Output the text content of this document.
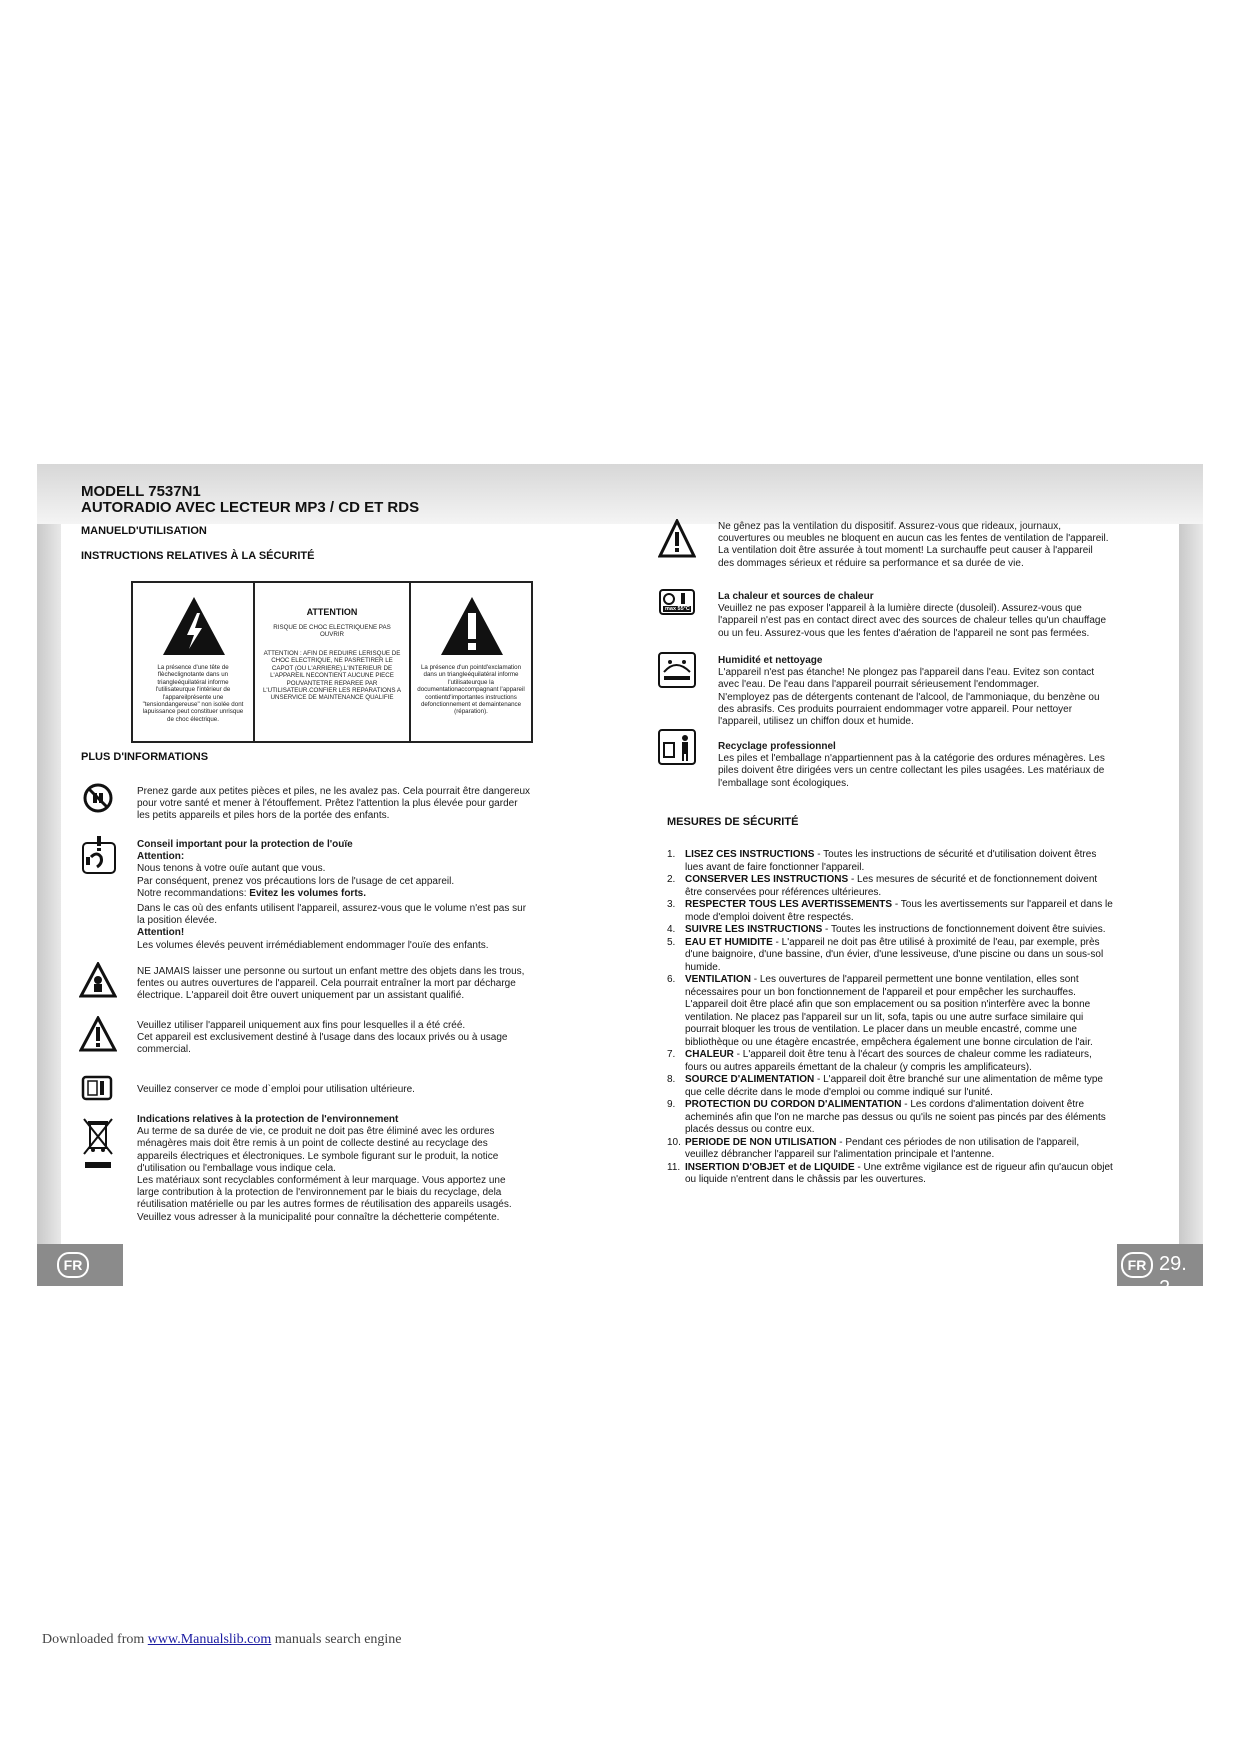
MODELL 7537N1
AUTORADIO AVEC LECTEUR MP3 / CD ET RDS
MANUELD'UTILISATION
INSTRUCTIONS RELATIVES À LA SÉCURITÉ
La présence d'une tête de flècheclignotante dans un triangleéquilatéral informe l'utilisateurque l'intérieur de l'appareilprésente une "tensiondangereuse" non isolée dont lapuissance peut constituer unrisque de choc électrique.
ATTENTION
RISQUE DE CHOC ELECTRIQUENE PAS OUVRIR
ATTENTION : AFIN DE REDUIRE LERISQUE DE CHOC ELECTRIQUE, NE PASRETIRER LE CAPOT (OU L'ARRIERE).L'INTERIEUR DE L'APPAREIL NECONTIENT AUCUNE PIECE POUVANTETRE REPAREE PAR L'UTILISATEUR.CONFIER LES REPARATIONS A UNSERVICE DE MAINTENANCE QUALIFIE
La présence d'un pointd'exclamation dans un triangleéquilatéral informe l'utilisateurque la documentationaccompagnant l'appareil contientd'importantes instructions defonctionnement et demaintenance (réparation).
PLUS D'INFORMATIONS
Prenez garde aux petites pièces et piles, ne les avalez pas. Cela pourrait être dangereux
pour votre santé et mener à l'étouffement. Prêtez l'attention la plus élevée pour garder
les petits appareils et piles hors de la portée des enfants.
Conseil important pour la protection de l'ouïe
Attention:
Nous tenons à votre ouïe autant que vous.
Par conséquent, prenez vos précautions lors de l'usage de cet appareil.
Notre recommandations: Evitez les volumes forts.
Dans le cas où des enfants utilisent l'appareil, assurez-vous que le volume n'est pas sur
la position élevée.
Attention!
Les volumes élevés peuvent irrémédiablement endommager l'ouïe des enfants.
NE JAMAIS laisser une personne ou surtout un enfant mettre des objets dans les trous,
fentes ou autres ouvertures de l'appareil. Cela pourrait entraîner la mort par décharge
électrique. L'appareil doit être ouvert uniquement par un assistant qualifié.
Veuillez utiliser l'appareil uniquement aux fins pour lesquelles il a été créé.
Cet appareil est exclusivement destiné à l'usage dans des locaux privés ou à usage
commercial.
Veuillez conserver ce mode d`emploi pour utilisation ultérieure.
Indications relatives à la protection de l'environnement
Au terme de sa durée de vie, ce produit ne doit pas être éliminé avec les ordures
ménagères mais doit être remis à un point de collecte destiné au recyclage des
appareils électriques et électroniques. Le symbole figurant sur le produit, la notice
d'utilisation ou l'emballage vous indique cela.
Les matériaux sont recyclables conformément à leur marquage. Vous apportez une
large contribution à la protection de l'environnement par le biais du recyclage, dela
réutilisation matérielle ou par les autres formes de réutilisation des appareils usagés.
Veuillez vous adresser à la municipalité pour connaître la déchetterie compétente.
max 55°C
Ne gênez pas la ventilation du dispositif. Assurez-vous que rideaux, journaux,
couvertures ou meubles ne bloquent en aucun cas les fentes de ventilation de l'appareil.
La ventilation doit être assurée à tout moment! La surchauffe peut causer à l'appareil
des dommages sérieux et réduire sa performance et sa durée de vie.
La chaleur et sources de chaleur
Veuillez ne pas exposer l'appareil à la lumière directe (dusoleil). Assurez-vous que
l'appareil n'est pas en contact direct avec des sources de chaleur telles qu'un chauffage
ou un feu. Assurez-vous que les fentes d'aération de l'appareil ne sont pas fermées.
Humidité et nettoyage
L'appareil n'est pas étanche! Ne plongez pas l'appareil dans l'eau. Evitez son contact
avec l'eau. De l'eau dans l'appareil pourrait sérieusement l'endommager.
N'employez pas de détergents contenant de l'alcool, de l'ammoniaque, du benzène ou
des abrasifs. Ces produits pourraient endommager votre appareil. Pour nettoyer
l'appareil, utilisez un chiffon doux et humide.
Recyclage professionnel
Les piles et l'emballage n'appartiennent pas à la catégorie des ordures ménagères. Les
piles doivent être dirigées vers un centre collectant les piles usagées. Les matériaux de
l'emballage sont écologiques.
MESURES DE SÉCURITÉ
1. LISEZ CES INSTRUCTIONS - Toutes les instructions de sécurité et d'utilisation doivent êtres
lues avant de faire fonctionner l'appareil.
2. CONSERVER LES INSTRUCTIONS - Les mesures de sécurité et de fonctionnement doivent
être conservées pour références ultérieures.
3. RESPECTER TOUS LES AVERTISSEMENTS - Tous les avertissements sur l'appareil et dans le
mode d'emploi doivent être respectés.
4. SUIVRE LES INSTRUCTIONS - Toutes les instructions de fonctionnement doivent être suivies.
5. EAU ET HUMIDITE - L'appareil ne doit pas être utilisé à proximité de l'eau, par exemple, près
d'une baignoire, d'une bassine, d'un évier, d'une lessiveuse, d'une piscine ou dans un sous-sol
humide.
6. VENTILATION - Les ouvertures de l'appareil permettent une bonne ventilation, elles sont
nécessaires pour un bon fonctionnement de l'appareil et pour empêcher les surchauffes.
L'appareil doit être placé afin que son emplacement ou sa position n'interfère avec la bonne
ventilation. Ne placez pas l'appareil sur un lit, sofa, tapis ou une autre surface similaire qui
pourrait bloquer les trous de ventilation. Le placer dans un meuble encastré, comme une
bibliothèque ou une étagère encastrée, empêchera également une bonne circulation de l'air.
7. CHALEUR - L'appareil doit être tenu à l'écart des sources de chaleur comme les radiateurs,
fours ou autres appareils émettant de la chaleur (y compris les amplificateurs).
8. SOURCE D'ALIMENTATION - L'appareil doit être branché sur une alimentation de même type
que celle décrite dans le mode d'emploi ou comme indiqué sur l'unité.
9. PROTECTION DU CORDON D'ALIMENTATION - Les cordons d'alimentation doivent être
acheminés afin que l'on ne marche pas dessus ou qu'ils ne soient pas pincés par des éléments
placés dessus ou contre eux.
10. PERIODE DE NON UTILISATION - Pendant ces périodes de non utilisation de l'appareil,
veuillez débrancher l'appareil sur l'alimentation principale et l'antenne.
11. INSERTION D'OBJET et de LIQUIDE - Une extrême vigilance est de rigueur afin qu'aucun objet
ou liquide n'entrent dans le châssis par les ouvertures.
FR	FR 29. 2
Downloaded from www.Manualslib.com manuals search engine
